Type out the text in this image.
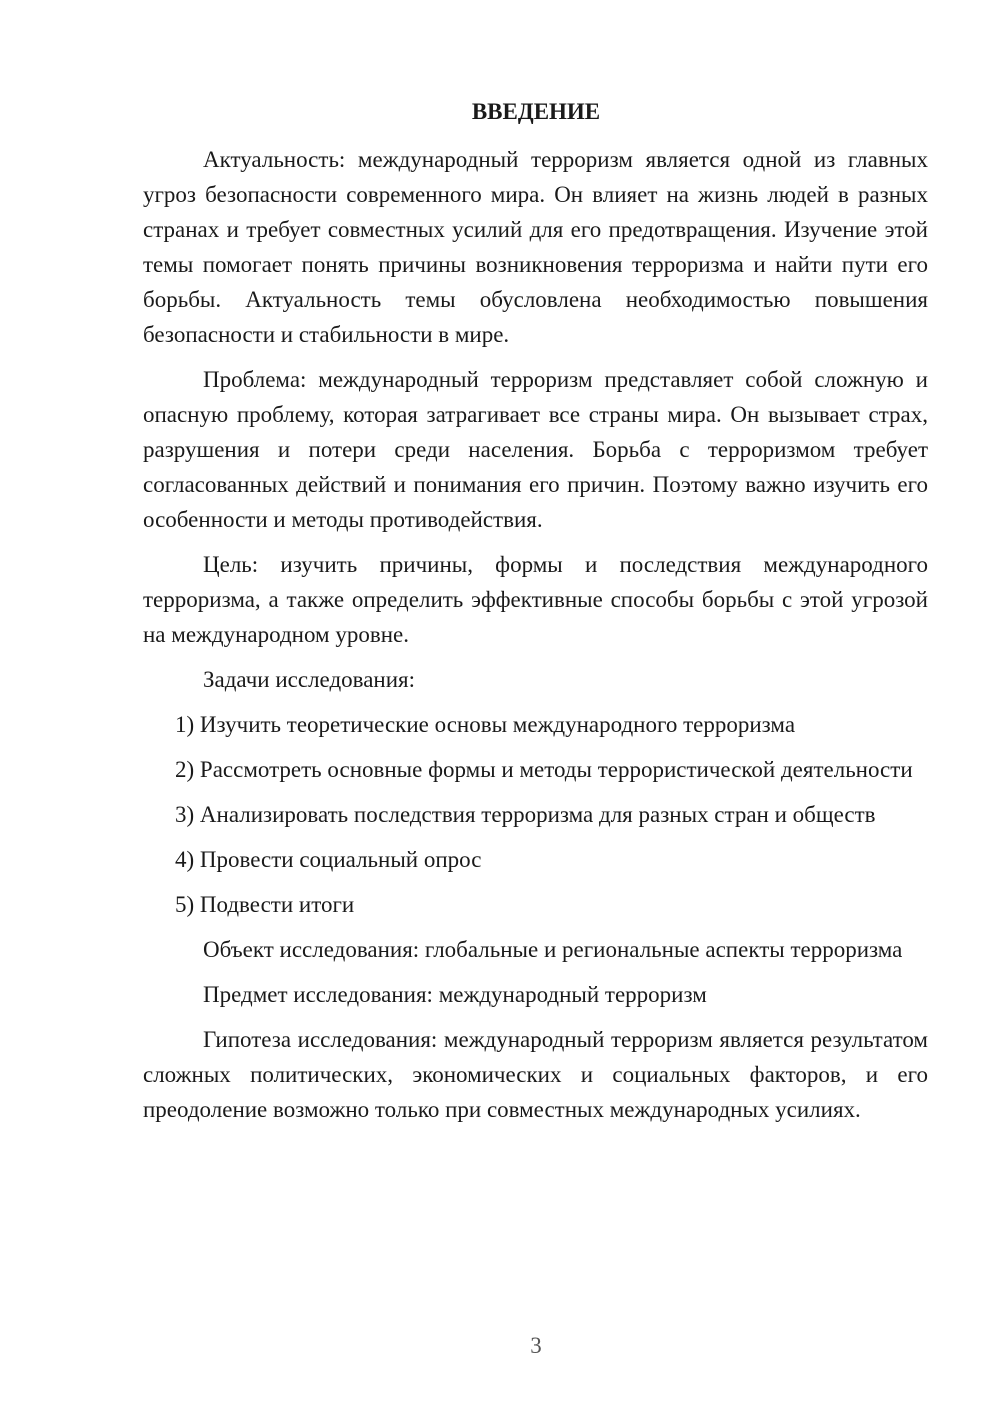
ВВЕДЕНИЕ

Актуальность: международный терроризм является одной из главных угроз безопасности современного мира. Он влияет на жизнь людей в разных странах и требует совместных усилий для его предотвращения. Изучение этой темы помогает понять причины возникновения терроризма и найти пути его борьбы. Актуальность темы обусловлена необходимостью повышения безопасности и стабильности в мире.

Проблема: международный терроризм представляет собой сложную и опасную проблему, которая затрагивает все страны мира. Он вызывает страх, разрушения и потери среди населения. Борьба с терроризмом требует согласованных действий и понимания его причин. Поэтому важно изучить его особенности и методы противодействия.

Цель: изучить причины, формы и последствия международного терроризма, а также определить эффективные способы борьбы с этой угрозой на международном уровне.

Задачи исследования:

1) Изучить теоретические основы международного терроризма

2) Рассмотреть основные формы и методы террористической деятельности

3) Анализировать последствия терроризма для разных стран и обществ

4) Провести социальный опрос

5) Подвести итоги

Объект исследования: глобальные и региональные аспекты терроризма

Предмет исследования: международный терроризм

Гипотеза исследования: международный терроризм является результатом сложных политических, экономических и социальных факторов, и его преодоление возможно только при совместных международных усилиях.

3
